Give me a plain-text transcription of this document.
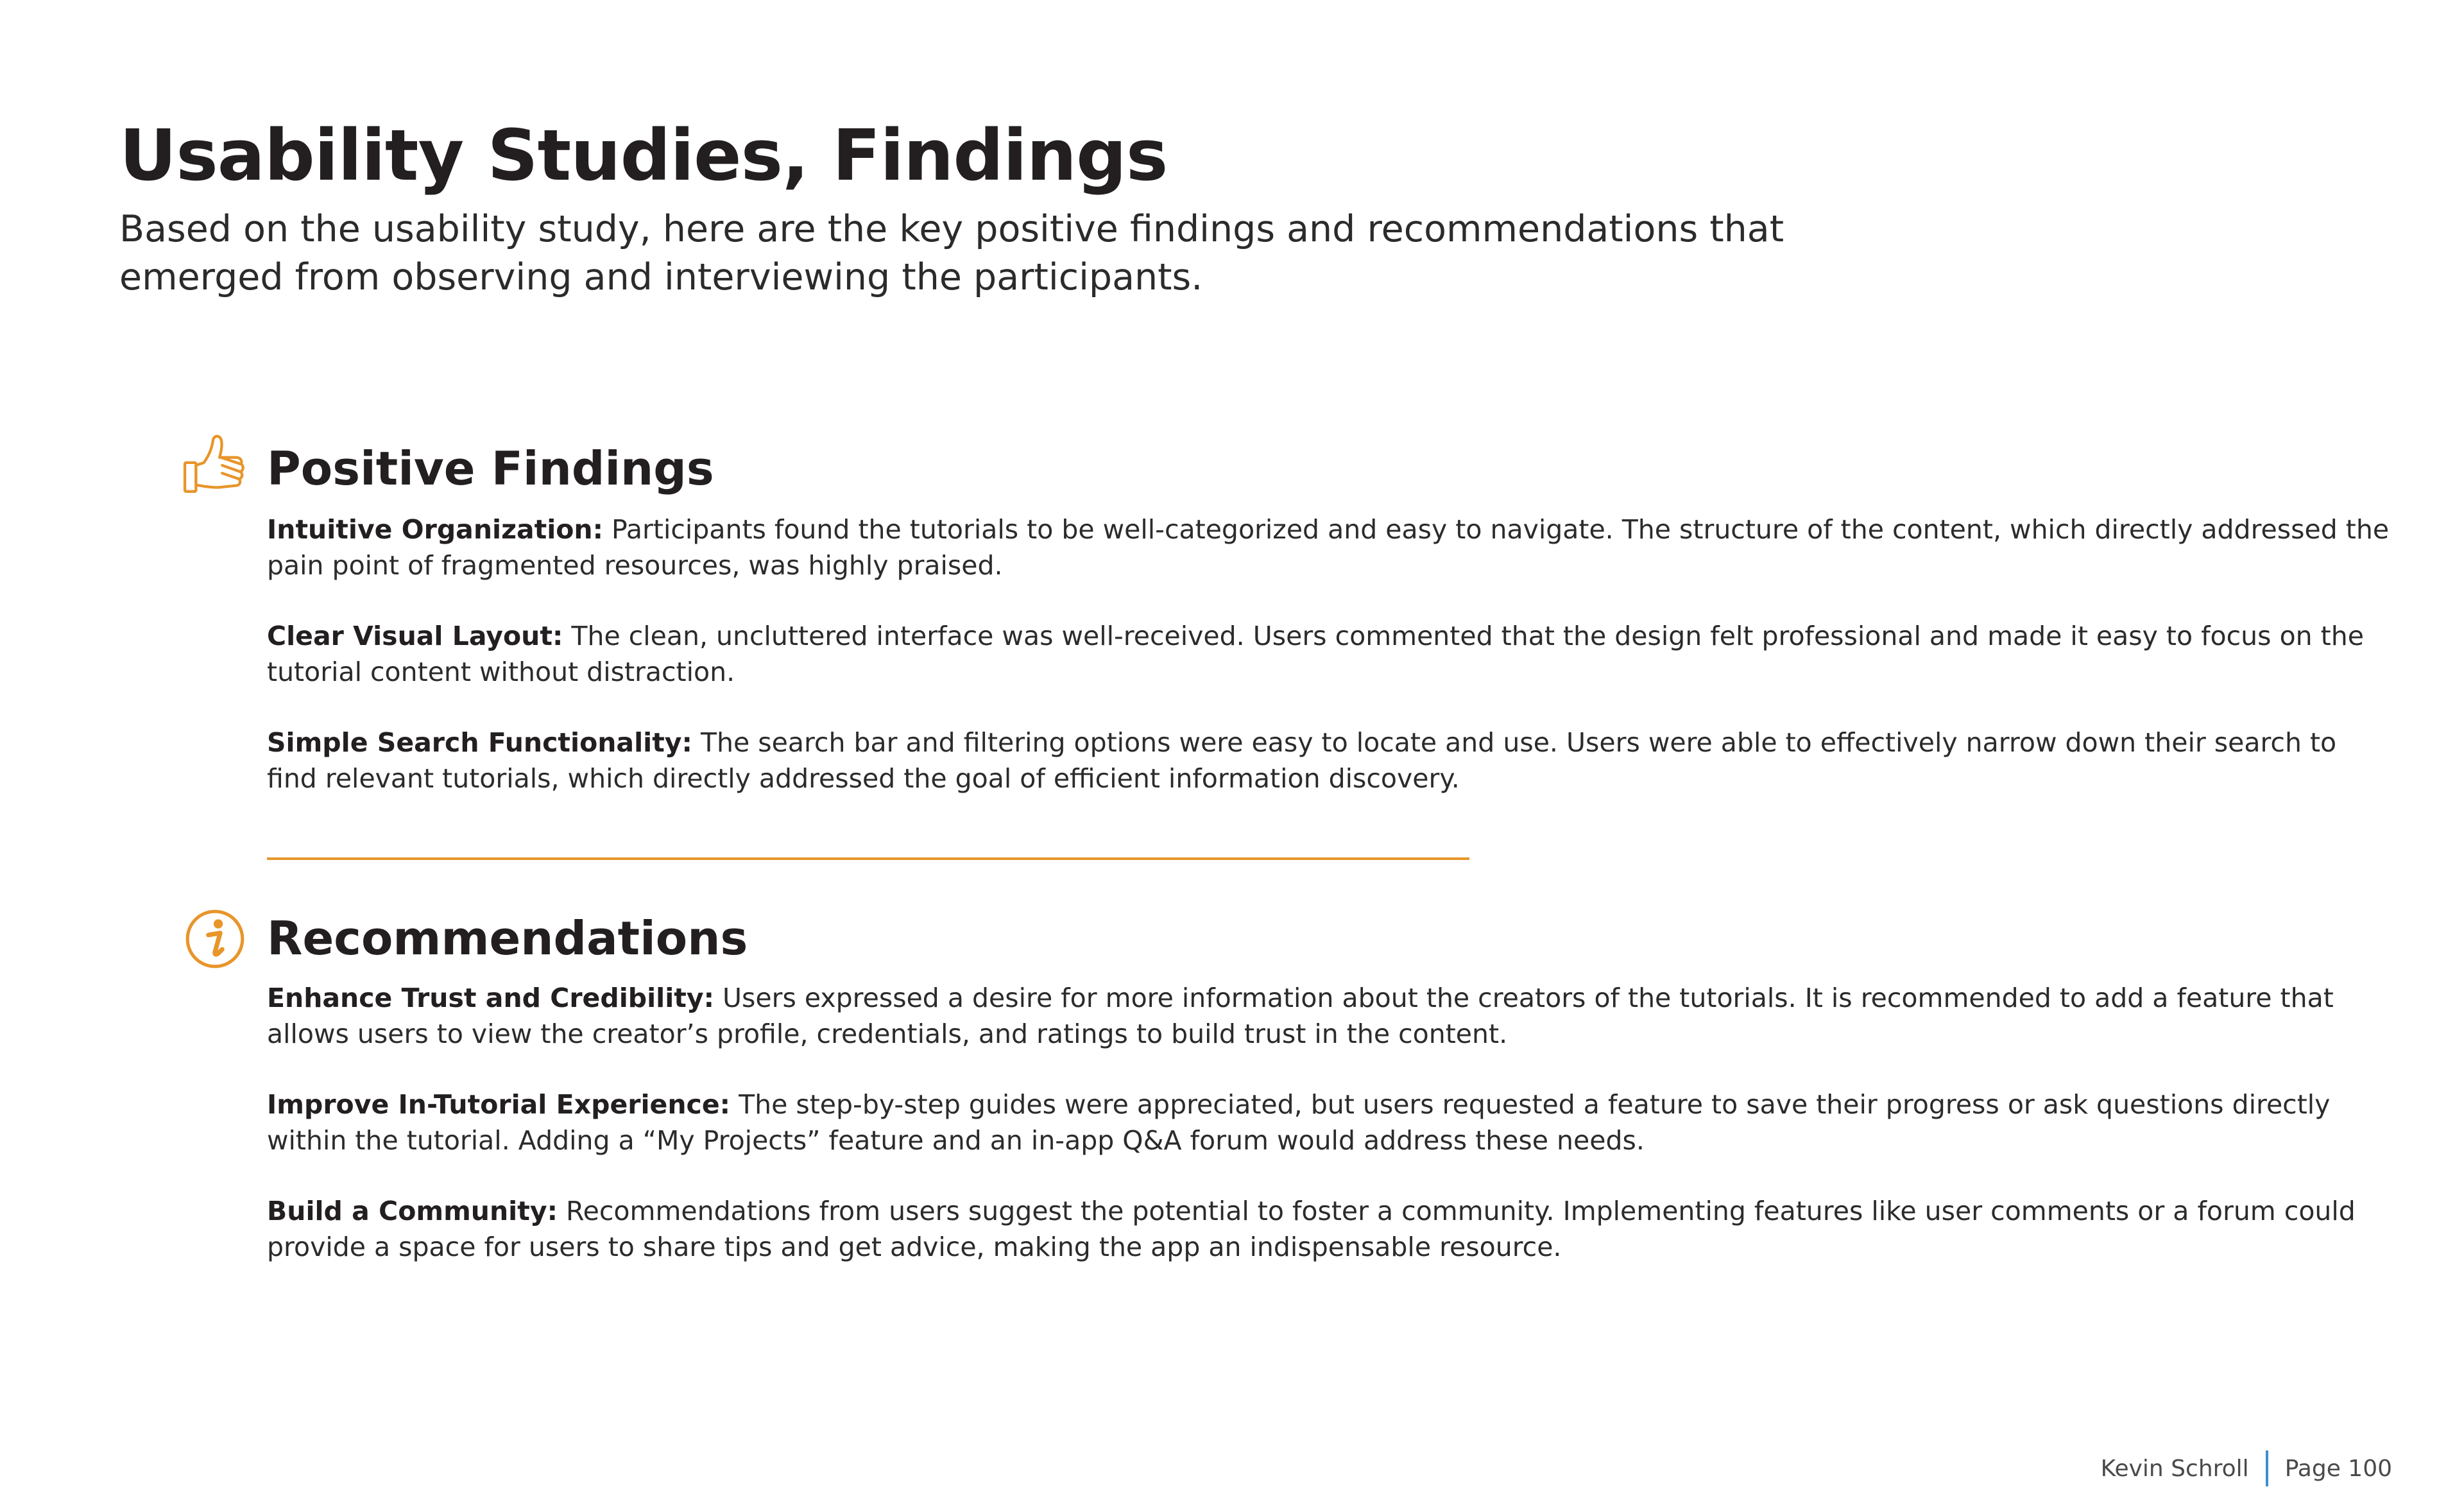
Usability Studies, Findings

Based on the usability study, here are the key positive findings and recommendations that emerged from observing and interviewing the participants.

Positive Findings

Intuitive Organization: Participants found the tutorials to be well-categorized and easy to navigate. The structure of the content, which directly addressed the pain point of fragmented resources, was highly praised.

Clear Visual Layout: The clean, uncluttered interface was well-received. Users commented that the design felt professional and made it easy to focus on the tutorial content without distraction.

Simple Search Functionality: The search bar and filtering options were easy to locate and use. Users were able to effectively narrow down their search to find relevant tutorials, which directly addressed the goal of efficient information discovery.

Recommendations

Enhance Trust and Credibility: Users expressed a desire for more information about the creators of the tutorials. It is recommended to add a feature that allows users to view the creator’s profile, credentials, and ratings to build trust in the content.

Improve In-Tutorial Experience: The step-by-step guides were appreciated, but users requested a feature to save their progress or ask questions directly within the tutorial. Adding a “My Projects” feature and an in-app Q&A forum would address these needs.

Build a Community: Recommendations from users suggest the potential to foster a community. Implementing features like user comments or a forum could provide a space for users to share tips and get advice, making the app an indispensable resource.

Kevin Schroll Page 100
